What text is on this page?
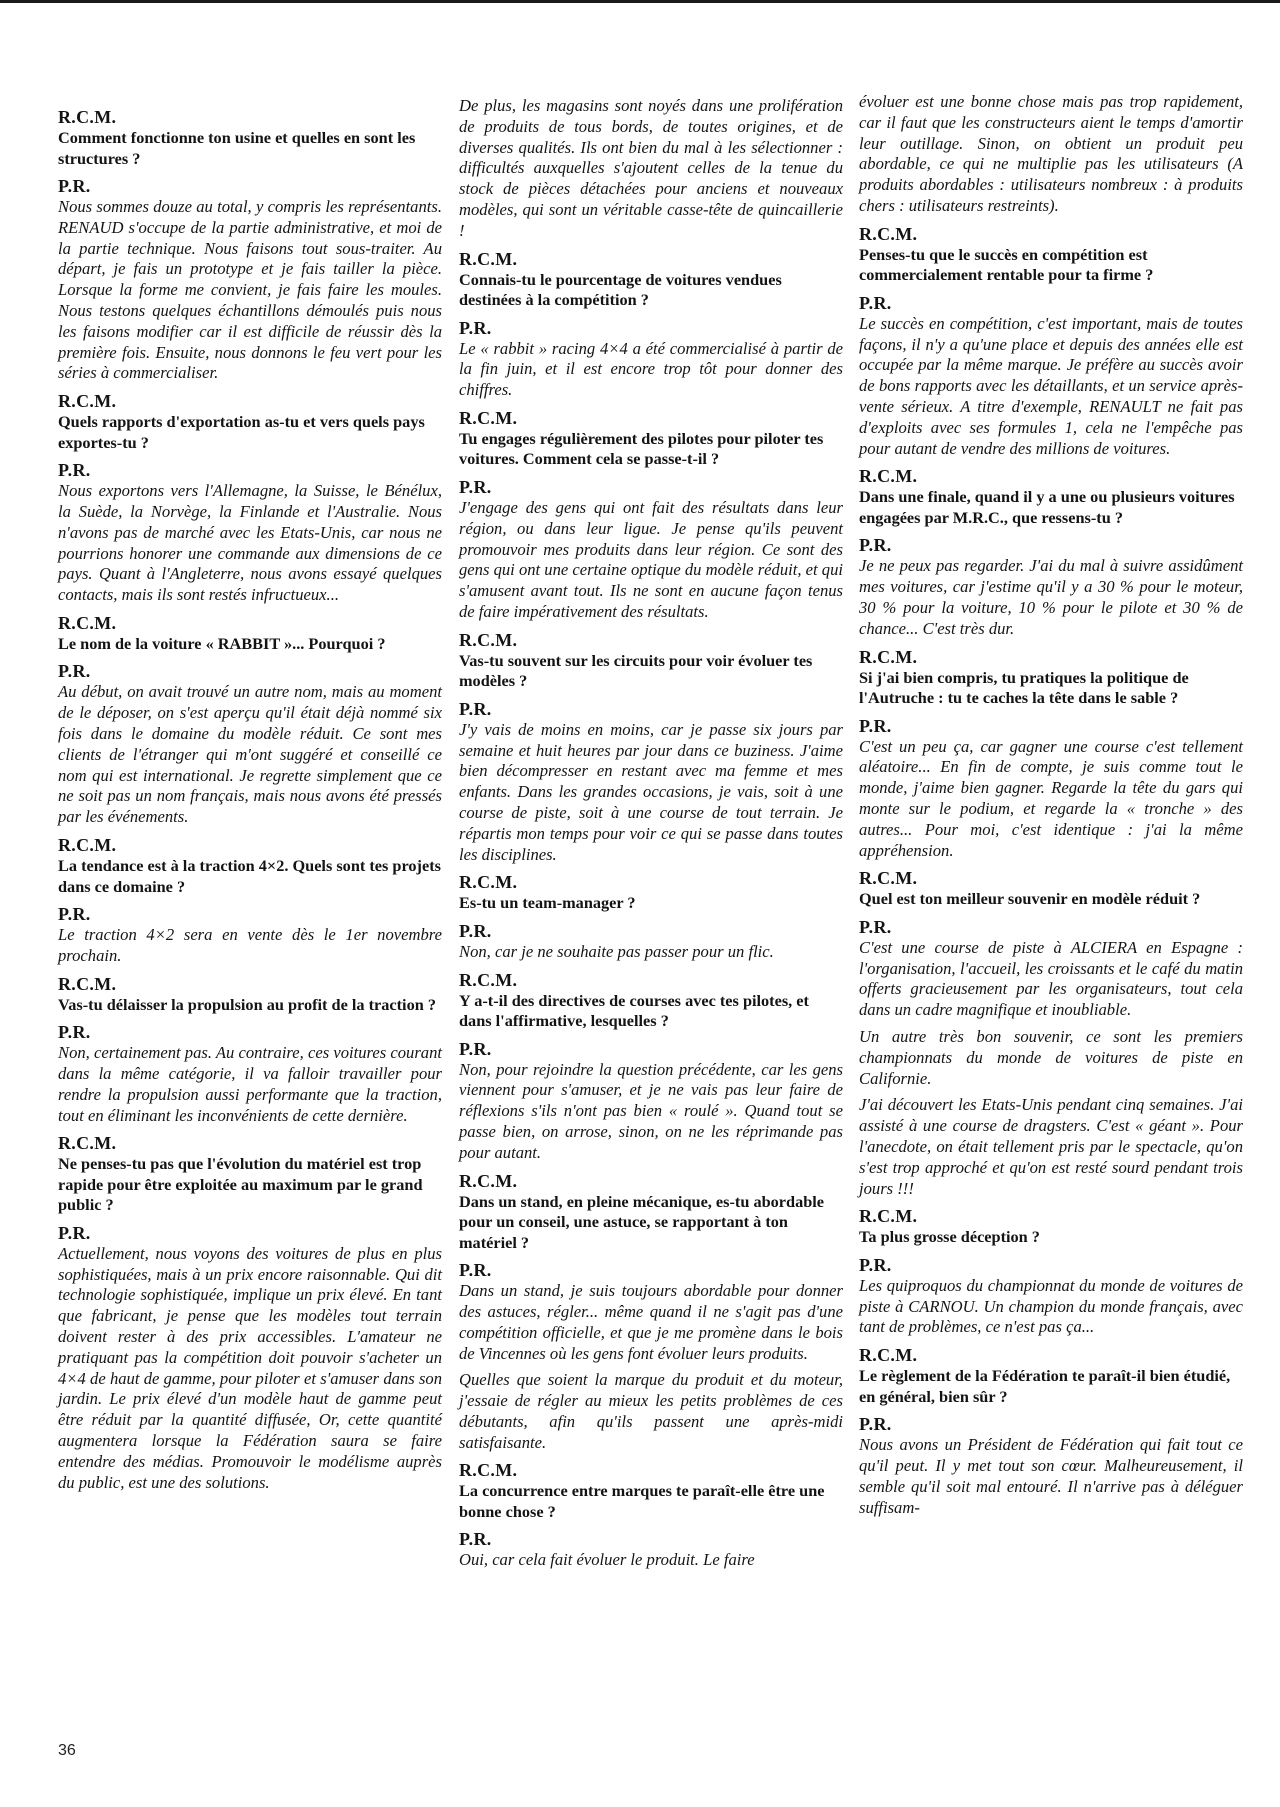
R.C.M.

Comment fonctionne ton usine et quelles en sont les structures ?

P.R.

Nous sommes douze au total, y compris les représentants. RENAUD s'occupe de la partie administrative, et moi de la partie technique. Nous faisons tout sous-traiter. Au départ, je fais un prototype et je fais tailler la pièce. Lorsque la forme me convient, je fais faire les moules. Nous testons quelques échantillons démoulés puis nous les faisons modifier car il est difficile de réussir dès la première fois. Ensuite, nous donnons le feu vert pour les séries à commercialiser.

R.C.M.

Quels rapports d'exportation as-tu et vers quels pays exportes-tu ?

P.R.

Nous exportons vers l'Allemagne, la Suisse, le Bénélux, la Suède, la Norvège, la Finlande et l'Australie. Nous n'avons pas de marché avec les Etats-Unis, car nous ne pourrions honorer une commande aux dimensions de ce pays. Quant à l'Angleterre, nous avons essayé quelques contacts, mais ils sont restés infructueux...

R.C.M.

Le nom de la voiture « RABBIT »... Pourquoi ?

P.R.

Au début, on avait trouvé un autre nom, mais au moment de le déposer, on s'est aperçu qu'il était déjà nommé six fois dans le domaine du modèle réduit. Ce sont mes clients de l'étranger qui m'ont suggéré et conseillé ce nom qui est international. Je regrette simplement que ce ne soit pas un nom français, mais nous avons été pressés par les événements.

R.C.M.

La tendance est à la traction 4×2. Quels sont tes projets dans ce domaine ?

P.R.

Le traction 4×2 sera en vente dès le 1er novembre prochain.

R.C.M.

Vas-tu délaisser la propulsion au profit de la traction ?

P.R.

Non, certainement pas. Au contraire, ces voitures courant dans la même catégorie, il va falloir travailler pour rendre la propulsion aussi performante que la traction, tout en éliminant les inconvénients de cette dernière.

R.C.M.

Ne penses-tu pas que l'évolution du matériel est trop rapide pour être exploitée au maximum par le grand public ?

P.R.

Actuellement, nous voyons des voitures de plus en plus sophistiquées, mais à un prix encore raisonnable. Qui dit technologie sophistiquée, implique un prix élevé. En tant que fabricant, je pense que les modèles tout terrain doivent rester à des prix accessibles. L'amateur ne pratiquant pas la compétition doit pouvoir s'acheter un 4×4 de haut de gamme, pour piloter et s'amuser dans son jardin. Le prix élevé d'un modèle haut de gamme peut être réduit par la quantité diffusée, Or, cette quantité augmentera lorsque la Fédération saura se faire entendre des médias. Promouvoir le modélisme auprès du public, est une des solutions.

De plus, les magasins sont noyés dans une prolifération de produits de tous bords, de toutes origines, et de diverses qualités. Ils ont bien du mal à les sélectionner : difficultés auxquelles s'ajoutent celles de la tenue du stock de pièces détachées pour anciens et nouveaux modèles, qui sont un véritable casse-tête de quincaillerie !

R.C.M.

Connais-tu le pourcentage de voitures vendues destinées à la compétition ?

P.R.

Le « rabbit » racing 4×4 a été commercialisé à partir de la fin juin, et il est encore trop tôt pour donner des chiffres.

R.C.M.

Tu engages régulièrement des pilotes pour piloter tes voitures. Comment cela se passe-t-il ?

P.R.

J'engage des gens qui ont fait des résultats dans leur région, ou dans leur ligue. Je pense qu'ils peuvent promouvoir mes produits dans leur région. Ce sont des gens qui ont une certaine optique du modèle réduit, et qui s'amusent avant tout. Ils ne sont en aucune façon tenus de faire impérativement des résultats.

R.C.M.

Vas-tu souvent sur les circuits pour voir évoluer tes modèles ?

P.R.

J'y vais de moins en moins, car je passe six jours par semaine et huit heures par jour dans ce buziness. J'aime bien décompresser en restant avec ma femme et mes enfants. Dans les grandes occasions, je vais, soit à une course de piste, soit à une course de tout terrain. Je répartis mon temps pour voir ce qui se passe dans toutes les disciplines.

R.C.M.

Es-tu un team-manager ?

P.R.

Non, car je ne souhaite pas passer pour un flic.

R.C.M.

Y a-t-il des directives de courses avec tes pilotes, et dans l'affirmative, lesquelles ?

P.R.

Non, pour rejoindre la question précédente, car les gens viennent pour s'amuser, et je ne vais pas leur faire de réflexions s'ils n'ont pas bien « roulé ». Quand tout se passe bien, on arrose, sinon, on ne les réprimande pas pour autant.

R.C.M.

Dans un stand, en pleine mécanique, es-tu abordable pour un conseil, une astuce, se rapportant à ton matériel ?

P.R.

Dans un stand, je suis toujours abordable pour donner des astuces, régler... même quand il ne s'agit pas d'une compétition officielle, et que je me promène dans le bois de Vincennes où les gens font évoluer leurs produits.

Quelles que soient la marque du produit et du moteur, j'essaie de régler au mieux les petits problèmes de ces débutants, afin qu'ils passent une après-midi satisfaisante.

R.C.M.

La concurrence entre marques te paraît-elle être une bonne chose ?

P.R.

Oui, car cela fait évoluer le produit. Le faire

évoluer est une bonne chose mais pas trop rapidement, car il faut que les constructeurs aient le temps d'amortir leur outillage. Sinon, on obtient un produit peu abordable, ce qui ne multiplie pas les utilisateurs (A produits abordables : utilisateurs nombreux : à produits chers : utilisateurs restreints).

R.C.M.

Penses-tu que le succès en compétition est commercialement rentable pour ta firme ?

P.R.

Le succès en compétition, c'est important, mais de toutes façons, il n'y a qu'une place et depuis des années elle est occupée par la même marque. Je préfère au succès avoir de bons rapports avec les détaillants, et un service après-vente sérieux. A titre d'exemple, RENAULT ne fait pas d'exploits avec ses formules 1, cela ne l'empêche pas pour autant de vendre des millions de voitures.

R.C.M.

Dans une finale, quand il y a une ou plusieurs voitures engagées par M.R.C., que ressens-tu ?

P.R.

Je ne peux pas regarder. J'ai du mal à suivre assidûment mes voitures, car j'estime qu'il y a 30 % pour le moteur, 30 % pour la voiture, 10 % pour le pilote et 30 % de chance... C'est très dur.

R.C.M.

Si j'ai bien compris, tu pratiques la politique de l'Autruche : tu te caches la tête dans le sable ?

P.R.

C'est un peu ça, car gagner une course c'est tellement aléatoire... En fin de compte, je suis comme tout le monde, j'aime bien gagner. Regarde la tête du gars qui monte sur le podium, et regarde la « tronche » des autres... Pour moi, c'est identique : j'ai la même appréhension.

R.C.M.

Quel est ton meilleur souvenir en modèle réduit ?

P.R.

C'est une course de piste à ALCIERA en Espagne : l'organisation, l'accueil, les croissants et le café du matin offerts gracieusement par les organisateurs, tout cela dans un cadre magnifique et inoubliable.

Un autre très bon souvenir, ce sont les premiers championnats du monde de voitures de piste en Californie.

J'ai découvert les Etats-Unis pendant cinq semaines. J'ai assisté à une course de dragsters. C'est « géant ». Pour l'anecdote, on était tellement pris par le spectacle, qu'on s'est trop approché et qu'on est resté sourd pendant trois jours !!!

R.C.M.

Ta plus grosse déception ?

P.R.

Les quiproquos du championnat du monde de voitures de piste à CARNOU. Un champion du monde français, avec tant de problèmes, ce n'est pas ça...

R.C.M.

Le règlement de la Fédération te paraît-il bien étudié, en général, bien sûr ?

P.R.

Nous avons un Président de Fédération qui fait tout ce qu'il peut. Il y met tout son cœur. Malheureusement, il semble qu'il soit mal entouré. Il n'arrive pas à déléguer suffisam-

36
